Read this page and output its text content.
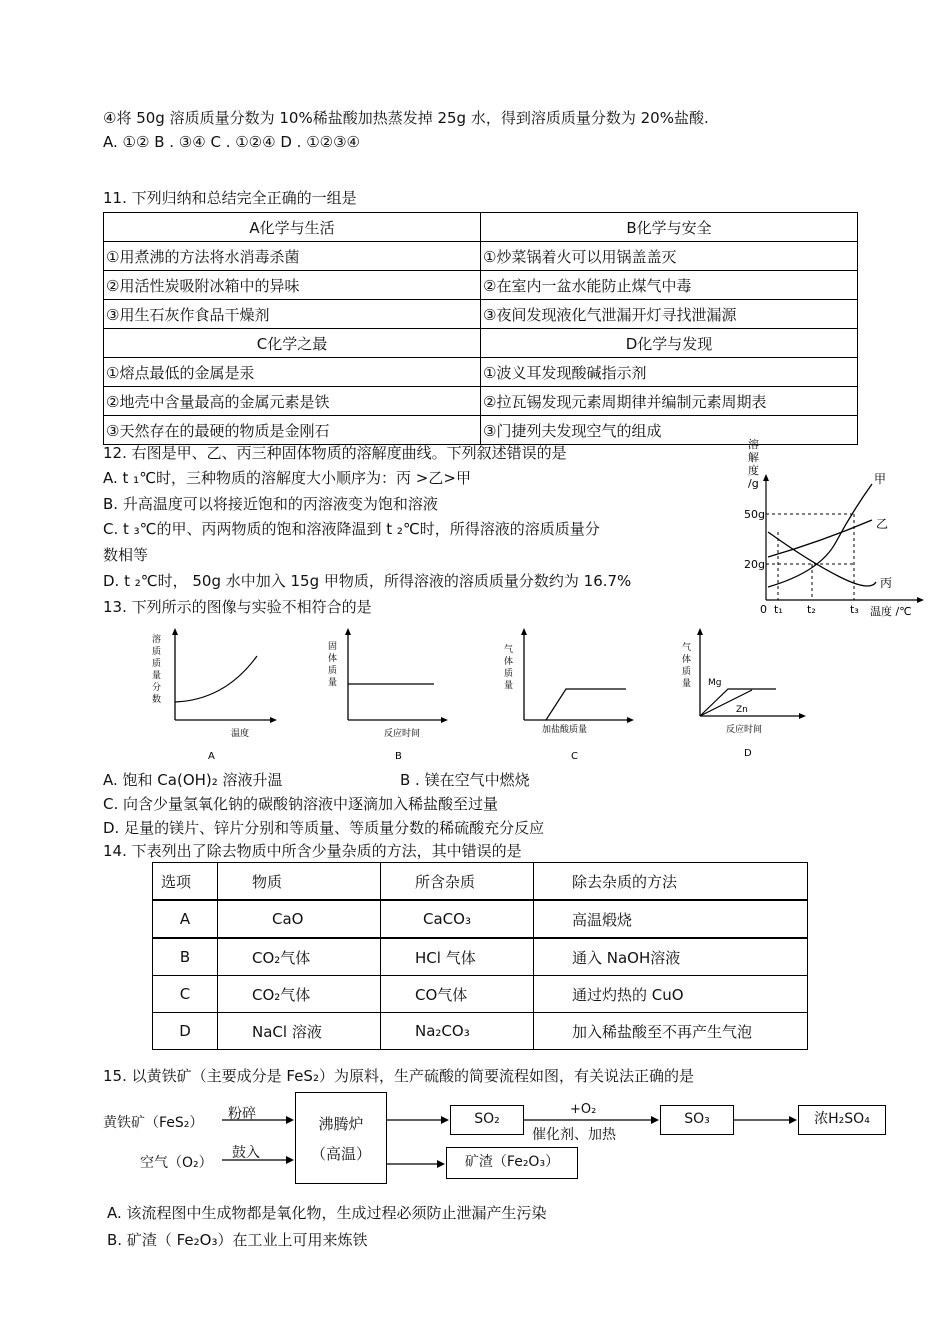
④将 50g 溶质质量分数为 10%稀盐酸加热蒸发掉 25g 水，得到溶质质量分数为 20%盐酸.
A. ①② B . ③④ C . ①②④ D . ①②③④
11. 下列归纳和总结完全正确的一组是
A化学与生活	B化学与安全
①用煮沸的方法将水消毒杀菌	①炒菜锅着火可以用锅盖盖灭
②用活性炭吸附冰箱中的异味	②在室内一盆水能防止煤气中毒
③用生石灰作食品干燥剂	③夜间发现液化气泄漏开灯寻找泄漏源
C化学之最	D化学与发现
①熔点最低的金属是汞	①波义耳发现酸碱指示剂
②地壳中含量最高的金属元素是铁	②拉瓦锡发现元素周期律并编制元素周期表
③天然存在的最硬的物质是金刚石	③门捷列夫发现空气的组成
12. 右图是甲、乙、丙三种固体物质的溶解度曲线。下列叙述错误的是
A. t ₁℃时，三种物质的溶解度大小顺序为：丙 >乙>甲
B. 升高温度可以将接近饱和的丙溶液变为饱和溶液
C. t ₃℃的甲、丙两物质的饱和溶液降温到 t ₂℃时，所得溶液的溶质质量分
数相等
D. t ₂℃时， 50g 水中加入 15g 甲物质，所得溶液的溶质质量分数约为 16.7%
溶
解
度
/g
50g
20g
0 t₁ t₂	t₃ 温度 /℃
甲
乙
丙
13. 下列所示的图像与实验不相符合的是
溶
质
质
量
分
数
温度
A
固
体
质
量
反应时间
B
气
体
质
量
加盐酸质量
C
气
体
质
量 Mg
Zn
反应时间
D
A. 饱和 Ca(OH)₂ 溶液升温	B . 镁在空气中燃烧
C. 向含少量氢氧化钠的碳酸钠溶液中逐滴加入稀盐酸至过量
D. 足量的镁片、锌片分别和等质量、等质量分数的稀硫酸充分反应
14. 下表列出了除去物质中所含少量杂质的方法，其中错误的是
选项	物质	所含杂质	除去杂质的方法
A	CaO	CaCO₃	高温煅烧
B	CO₂气体	HCl 气体	通入 NaOH溶液
C	CO₂气体	CO气体	通过灼热的 CuO
D	NaCl 溶液	Na₂CO₃	加入稀盐酸至不再产生气泡
15. 以黄铁矿（主要成分是 FeS₂）为原料，生产硫酸的简要流程如图，有关说法正确的是
黄铁矿（FeS₂）
粉碎
空气（O₂）
鼓入
沸腾炉
（高温）
SO₂
+O₂
催化剂、加热
SO₃	浓H₂SO₄
矿渣（Fe₂O₃）
A. 该流程图中生成物都是氧化物，生成过程必须防止泄漏产生污染
B. 矿渣（ Fe₂O₃）在工业上可用来炼铁
